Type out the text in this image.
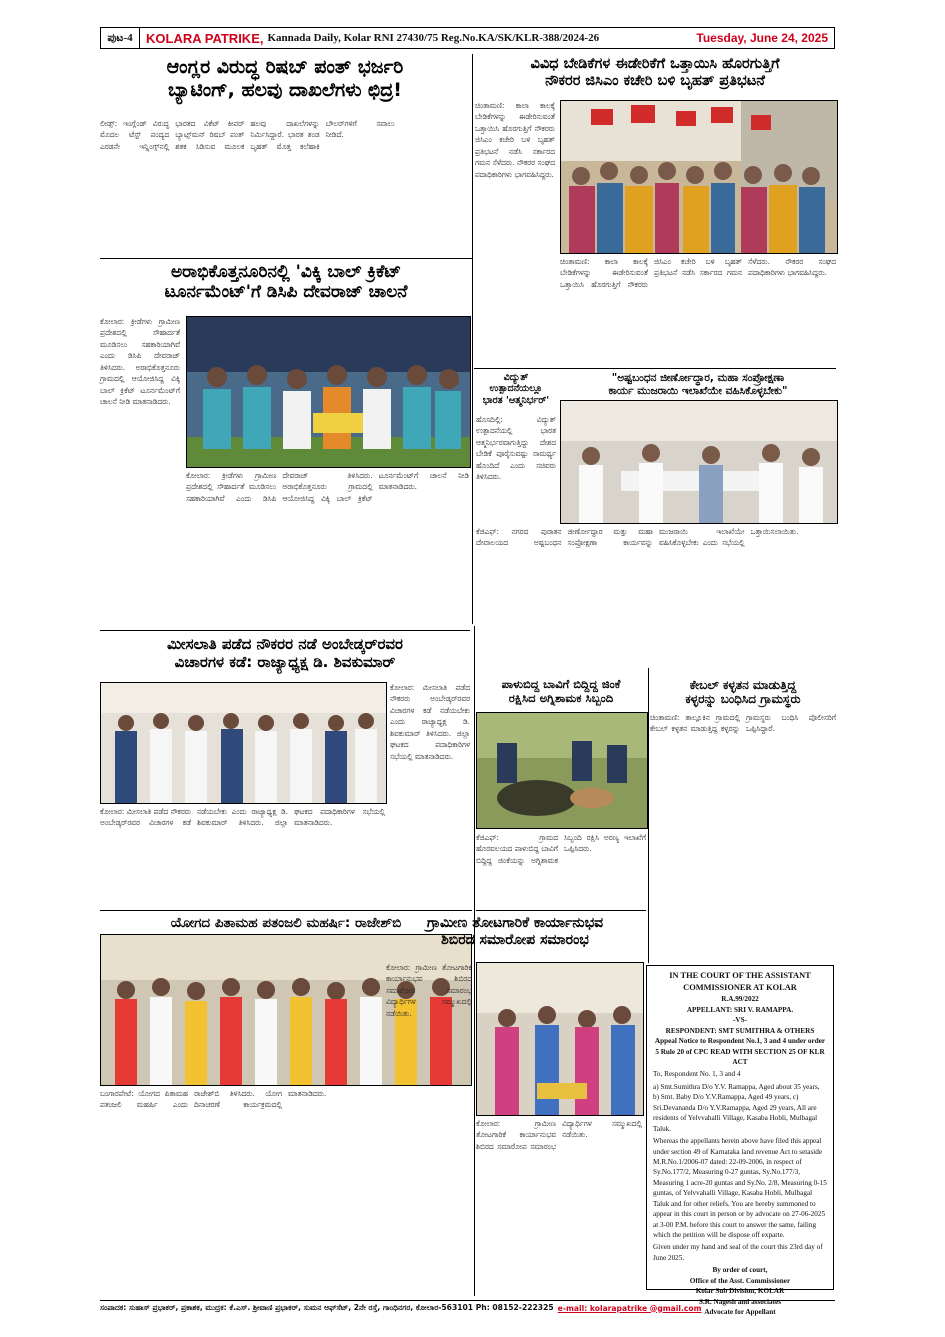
ಪುಟ-4	KOLARA PATRIKE, Kannada Daily, Kolar RNI 27430/75 Reg.No.KA/SK/KLR-388/2024-26	Tuesday, June 24, 2025
ಆಂಗ್ಲರ ವಿರುದ್ಧ ರಿಷಬ್ ಪಂತ್ ಭರ್ಜರಿ
ಬ್ಯಾಟಿಂಗ್, ಹಲವು ದಾಖಲೆಗಳು ಛಿದ್ರ!
ಲೀಡ್ಸ್: ಇಂಗ್ಲೆಂಡ್ ವಿರುದ್ಧ ಮೊದಲ ಟೆಸ್ಟ್ ಪಂದ್ಯದ ಎರಡನೇ ಇನ್ನಿಂಗ್ಸ್‌ನಲ್ಲಿ ಭಾರತದ ವಿಕೆಟ್ ಕೀಪರ್ ಬ್ಯಾಟ್ಸ್‌ಮನ್ ರಿಷಬ್ ಪಂತ್ ಶತಕ ಸಿಡಿಸುವ ಮೂಲಕ ಹಲವು ದಾಖಲೆಗಳನ್ನು ನಿರ್ಮಿಸಿದ್ದಾರೆ. ಭಾರತ ತಂಡ ಬೃಹತ್ ಮೊತ್ತ ಕಲೆಹಾಕಿ ಬೌಲರ್‌ಗಳಿಗೆ ಸವಾಲು ನೀಡಿದೆ.
ವಿವಿಧ ಬೇಡಿಕೆಗಳ ಈಡೇರಿಕೆಗೆ ಒತ್ತಾಯಿಸಿ ಹೊರಗುತ್ತಿಗೆ
ನೌಕರರ ಜಿಸಿಎಂ ಕಚೇರಿ ಬಳಿ ಬೃಹತ್ ಪ್ರತಿಭಟನೆ
ಚಿಂತಾಮಣಿ: ಕಾಲಾ ಕಾಲಕ್ಕೆ ಬೇಡಿಕೆಗಳನ್ನು ಈಡೇರಿಸುವಂತೆ ಒತ್ತಾಯಿಸಿ ಹೊರಗುತ್ತಿಗೆ ನೌಕರರು ಜಿಸಿಎಂ ಕಚೇರಿ ಬಳಿ ಬೃಹತ್ ಪ್ರತಿಭಟನೆ ನಡೆಸಿ ಸರ್ಕಾರದ ಗಮನ ಸೆಳೆದರು. ನೌಕರರ ಸಂಘದ ಪದಾಧಿಕಾರಿಗಳು ಭಾಗವಹಿಸಿದ್ದರು.
ಚಿಂತಾಮಣಿ: ಕಾಲಾ ಕಾಲಕ್ಕೆ ಬೇಡಿಕೆಗಳನ್ನು ಈಡೇರಿಸುವಂತೆ ಒತ್ತಾಯಿಸಿ ಹೊರಗುತ್ತಿಗೆ ನೌಕರರು ಜಿಸಿಎಂ ಕಚೇರಿ ಬಳಿ ಬೃಹತ್ ಪ್ರತಿಭಟನೆ ನಡೆಸಿ ಸರ್ಕಾರದ ಗಮನ ಸೆಳೆದರು. ನೌಕರರ ಸಂಘದ ಪದಾಧಿಕಾರಿಗಳು ಭಾಗವಹಿಸಿದ್ದರು.
ಅರಾಭಿಕೊತ್ತನೂರಿನಲ್ಲಿ 'ವಿಕ್ಕಿ ಬಾಲ್ ಕ್ರಿಕೆಟ್
ಟೂರ್ನಮೆಂಟ್'ಗೆ ಡಿಸಿಪಿ ದೇವರಾಜ್ ಚಾಲನೆ
ಕೋಲಾರ: ಕ್ರೀಡೆಗಳು ಗ್ರಾಮೀಣ ಪ್ರದೇಶದಲ್ಲಿ ಸೌಹಾರ್ದತೆ ಮೂಡಿಸಲು ಸಹಕಾರಿಯಾಗಿವೆ ಎಂದು ಡಿಸಿಪಿ ದೇವರಾಜ್ ತಿಳಿಸಿದರು. ಅರಾಭಿಕೊತ್ತನೂರು ಗ್ರಾಮದಲ್ಲಿ ಆಯೋಜಿಸಿದ್ದ ವಿಕ್ಕಿ ಬಾಲ್ ಕ್ರಿಕೆಟ್ ಟೂರ್ನಮೆಂಟ್‌ಗೆ ಚಾಲನೆ ನೀಡಿ ಮಾತನಾಡಿದರು.
ಕೋಲಾರ: ಕ್ರೀಡೆಗಳು ಗ್ರಾಮೀಣ ಪ್ರದೇಶದಲ್ಲಿ ಸೌಹಾರ್ದತೆ ಮೂಡಿಸಲು ಸಹಕಾರಿಯಾಗಿವೆ ಎಂದು ಡಿಸಿಪಿ ದೇವರಾಜ್ ತಿಳಿಸಿದರು. ಅರಾಭಿಕೊತ್ತನೂರು ಗ್ರಾಮದಲ್ಲಿ ಆಯೋಜಿಸಿದ್ದ ವಿಕ್ಕಿ ಬಾಲ್ ಕ್ರಿಕೆಟ್ ಟೂರ್ನಮೆಂಟ್‌ಗೆ ಚಾಲನೆ ನೀಡಿ ಮಾತನಾಡಿದರು.
ವಿದ್ಯುತ್
ಉತ್ಪಾದನೆಯಲ್ಲೂ
ಭಾರತ 'ಆತ್ಮನಿರ್ಭರ್'
ಹೊಸದಿಲ್ಲಿ: ವಿದ್ಯುತ್ ಉತ್ಪಾದನೆಯಲ್ಲಿ ಭಾರತ ಆತ್ಮನಿರ್ಭರವಾಗುತ್ತಿದ್ದು ದೇಶದ ಬೇಡಿಕೆ ಪೂರೈಸುವಷ್ಟು ಸಾಮರ್ಥ್ಯ ಹೊಂದಿದೆ ಎಂದು ಸಚಿವರು ತಿಳಿಸಿದರು.
"ಅಷ್ಟಬಂಧನ ಜೀರ್ಣೋದ್ಧಾರ, ಮಹಾ ಸಂಪ್ರೋಕ್ಷಣಾ
ಕಾರ್ಯ ಮುಜರಾಯಿ ಇಲಾಖೆಯೇ ವಹಿಸಿಕೊಳ್ಳಬೇಕು"
ಕೆಜಿಎಫ್: ನಗರದ ಪುರಾತನ ದೇವಾಲಯದ ಅಷ್ಟಬಂಧನ ಜೀರ್ಣೋದ್ಧಾರ ಮತ್ತು ಮಹಾ ಸಂಪ್ರೋಕ್ಷಣಾ ಕಾರ್ಯವನ್ನು ಮುಜರಾಯಿ ಇಲಾಖೆಯೇ ವಹಿಸಿಕೊಳ್ಳಬೇಕು ಎಂದು ಸಭೆಯಲ್ಲಿ ಒತ್ತಾಯಿಸಲಾಯಿತು.
ಮೀಸಲಾತಿ ಪಡೆದ ನೌಕರರ ನಡೆ ಅಂಬೇಡ್ಕರ್‌ರವರ
ವಿಚಾರಗಳ ಕಡೆ: ರಾಜ್ಯಾಧ್ಯಕ್ಷ ಡಿ. ಶಿವಕುಮಾರ್
ಕೋಲಾರ: ಮೀಸಲಾತಿ ಪಡೆದ ನೌಕರರು ಅಂಬೇಡ್ಕರ್‌ರವರ ವಿಚಾರಗಳ ಕಡೆ ನಡೆಯಬೇಕು ಎಂದು ರಾಜ್ಯಾಧ್ಯಕ್ಷ ಡಿ. ಶಿವಕುಮಾರ್ ತಿಳಿಸಿದರು. ಜಿಲ್ಲಾ ಘಟಕದ ಪದಾಧಿಕಾರಿಗಳ ಸಭೆಯಲ್ಲಿ ಮಾತನಾಡಿದರು.
ಕೋಲಾರ: ಮೀಸಲಾತಿ ಪಡೆದ ನೌಕರರು ಅಂಬೇಡ್ಕರ್‌ರವರ ವಿಚಾರಗಳ ಕಡೆ ನಡೆಯಬೇಕು ಎಂದು ರಾಜ್ಯಾಧ್ಯಕ್ಷ ಡಿ. ಶಿವಕುಮಾರ್ ತಿಳಿಸಿದರು. ಜಿಲ್ಲಾ ಘಟಕದ ಪದಾಧಿಕಾರಿಗಳ ಸಭೆಯಲ್ಲಿ ಮಾತನಾಡಿದರು.
ಪಾಳುಬಿದ್ದ ಬಾವಿಗೆ ಬಿದ್ದಿದ್ದ ಜಿಂಕೆ
ರಕ್ಷಿಸಿದ ಅಗ್ನಿಶಾಮಕ ಸಿಬ್ಬಂದಿ
ಕೆಜಿಎಫ್: ಗ್ರಾಮದ ಹೊರವಲಯದ ಪಾಳುಬಿದ್ದ ಬಾವಿಗೆ ಬಿದ್ದಿದ್ದ ಜಿಂಕೆಯನ್ನು ಅಗ್ನಿಶಾಮಕ ಸಿಬ್ಬಂದಿ ರಕ್ಷಿಸಿ ಅರಣ್ಯ ಇಲಾಖೆಗೆ ಒಪ್ಪಿಸಿದರು.
ಕೇಬಲ್ ಕಳ್ಳತನ ಮಾಡುತ್ತಿದ್ದ
ಕಳ್ಳರನ್ನು ಬಂಧಿಸಿದ ಗ್ರಾಮಸ್ಥರು
ಚಿಂತಾಮಣಿ: ತಾಲ್ಲೂಕಿನ ಗ್ರಾಮದಲ್ಲಿ ಕೇಬಲ್ ಕಳ್ಳತನ ಮಾಡುತ್ತಿದ್ದ ಕಳ್ಳರನ್ನು ಗ್ರಾಮಸ್ಥರು ಬಂಧಿಸಿ ಪೊಲೀಸರಿಗೆ ಒಪ್ಪಿಸಿದ್ದಾರೆ.
ಯೋಗದ ಪಿತಾಮಹ ಪತಂಜಲಿ ಮಹರ್ಷಿ: ರಾಜೇಶ್‌ಬಿ
ಬಂಗಾರಪೇಟೆ: ಯೋಗದ ಪಿತಾಮಹ ಪತಂಜಲಿ ಮಹರ್ಷಿ ಎಂದು ರಾಜೇಶ್‌ಬಿ ತಿಳಿಸಿದರು. ಯೋಗ ದಿನಾಚರಣೆ ಕಾರ್ಯಕ್ರಮದಲ್ಲಿ ಮಾತನಾಡಿದರು.
ಗ್ರಾಮೀಣ ತೋಟಗಾರಿಕೆ ಕಾರ್ಯಾನುಭವ
ಶಿಬಿರದ ಸಮಾರೋಪ ಸಮಾರಂಭ
ಕೋಲಾರ: ಗ್ರಾಮೀಣ ತೋಟಗಾರಿಕೆ ಕಾರ್ಯಾನುಭವ ಶಿಬಿರದ ಸಮಾರೋಪ ಸಮಾರಂಭ ವಿದ್ಯಾರ್ಥಿಗಳ ಸಮ್ಮುಖದಲ್ಲಿ ನಡೆಯಿತು.
ಕೋಲಾರ: ಗ್ರಾಮೀಣ ತೋಟಗಾರಿಕೆ ಕಾರ್ಯಾನುಭವ ಶಿಬಿರದ ಸಮಾರೋಪ ಸಮಾರಂಭ ವಿದ್ಯಾರ್ಥಿಗಳ ಸಮ್ಮುಖದಲ್ಲಿ ನಡೆಯಿತು.
IN THE COURT OF THE ASSISTANT
COMMISSIONER AT KOLAR
R.A.99/2022
APPELLANT: SRI V. RAMAPPA.
-VS-
RESPONDENT: SMT SUMITHRA & OTHERS
Appeal Notice to Respondent No.1, 3 and 4 under order 5 Rule 20 of CPC READ WITH SECTION 25 OF KLR ACT

To, Respondent No. 1, 3 and 4

a) Smt.Sumithra D/o Y.V. Ramappa, Aged about 35 years, b) Smt. Baby D/o Y.V.Ramappa, Aged 49 years, c) Sri.Devananda D/o Y.V.Ramappa, Aged 29 years, All are residents of Yelvvahalli Village, Kasaba Hobli, Mulbagal Taluk.

Whereas the appellants herein above have filed this appeal under section 49 of Karnataka land revenue Act to setaside M.R.No.1/2006-07 dated: 22-09-2006, in respect of Sy.No.177/2, Measuring 0-27 guntas, Sy.No.177/3, Measuring 1 acre-20 guntas and Sy.No. 2/8, Measuring 0-15 guntas, of Yelvvahalli Village, Kasaba Hobli, Mulbagal Taluk and for other reliefs. You are hereby summoned to appear in this court in person or by advocate on 27-06-2025 at 3-00 P.M. before this court to answer the same, failing which the petition will be dispose off exparte.

Given under my hand and seal of the court this 23rd day of June 2025.

By order of court,
Office of the Asst. Commissioner
Kolar Sub Division, KOLAR
S.R. Nagesh and associates
Advocate for Appellant
ಸಂಪಾದಕ: ಸುಹಾಸ್ ಪ್ರಭಾಕರ್, ಪ್ರಕಾಶಕ, ಮುದ್ರಕ: ಕೆ.ಎಸ್. ಶ್ರೀವಾಣಿ ಪ್ರಭಾಕರ್, ಸುಮನ ಆಫ್‌ಸೆಟ್, 2ನೇ ರಸ್ತೆ, ಗಾಂಧಿನಗರ, ಕೋಲಾರ-563101 Ph: 08152-222325 e-mail: kolarapatrike @gmail.com
